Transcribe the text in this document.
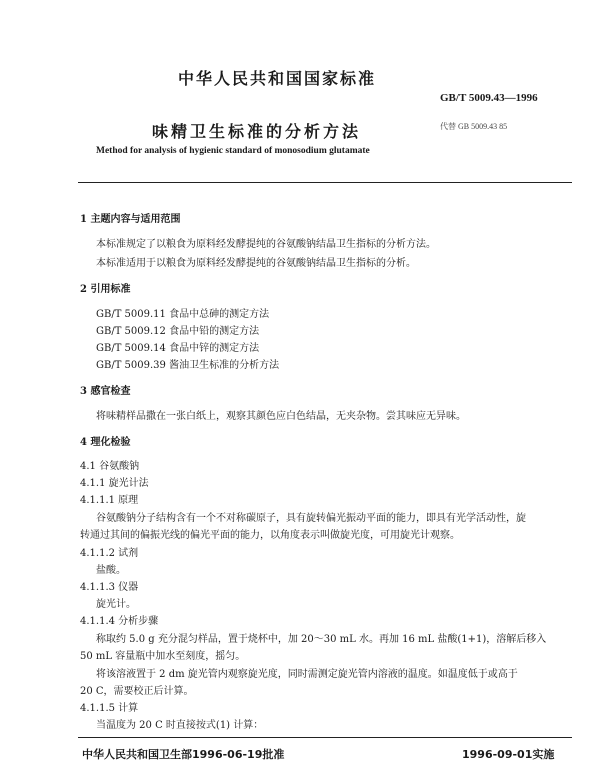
中华人民共和国国家标准
GB/T 5009.43—1996
味精卫生标准的分析方法	代替 GB 5009.43 85
Method for analysis of hygienic standard of monosodium glutamate
1 主题内容与适用范围
本标准规定了以粮食为原料经发酵提纯的谷氨酸钠结晶卫生指标的分析方法。
本标准适用于以粮食为原料经发酵提纯的谷氨酸钠结晶卫生指标的分析。
2 引用标准
GB/T 5009.11 食品中总砷的测定方法
GB/T 5009.12 食品中铅的测定方法
GB/T 5009.14 食品中锌的测定方法
GB/T 5009.39 酱油卫生标准的分析方法
3 感官检查
将味精样品撒在一张白纸上，观察其颜色应白色结晶，无夹杂物。尝其味应无异味。
4 理化检验
4.1 谷氨酸钠
4.1.1 旋光计法
4.1.1.1 原理
谷氨酸钠分子结构含有一个不对称碳原子，具有旋转偏光振动平面的能力，即具有光学活动性，旋
转通过其间的偏振光线的偏光平面的能力，以角度表示叫做旋光度，可用旋光计观察。
4.1.1.2 试剂
盐酸。
4.1.1.3 仪器
旋光计。
4.1.1.4 分析步骤
称取约 5.0 g 充分混匀样品，置于烧杯中，加 20～30 mL 水。再加 16 mL 盐酸(1+1)，溶解后移入
50 mL 容量瓶中加水至刻度，摇匀。
将该溶液置于 2 dm 旋光管内观察旋光度，同时需测定旋光管内溶液的温度。如温度低于或高于
20 C，需要校正后计算。
4.1.1.5 计算
当温度为 20 C 时直接按式(1) 计算：
中华人民共和国卫生部1996-06-19批准	1996-09-01实施
